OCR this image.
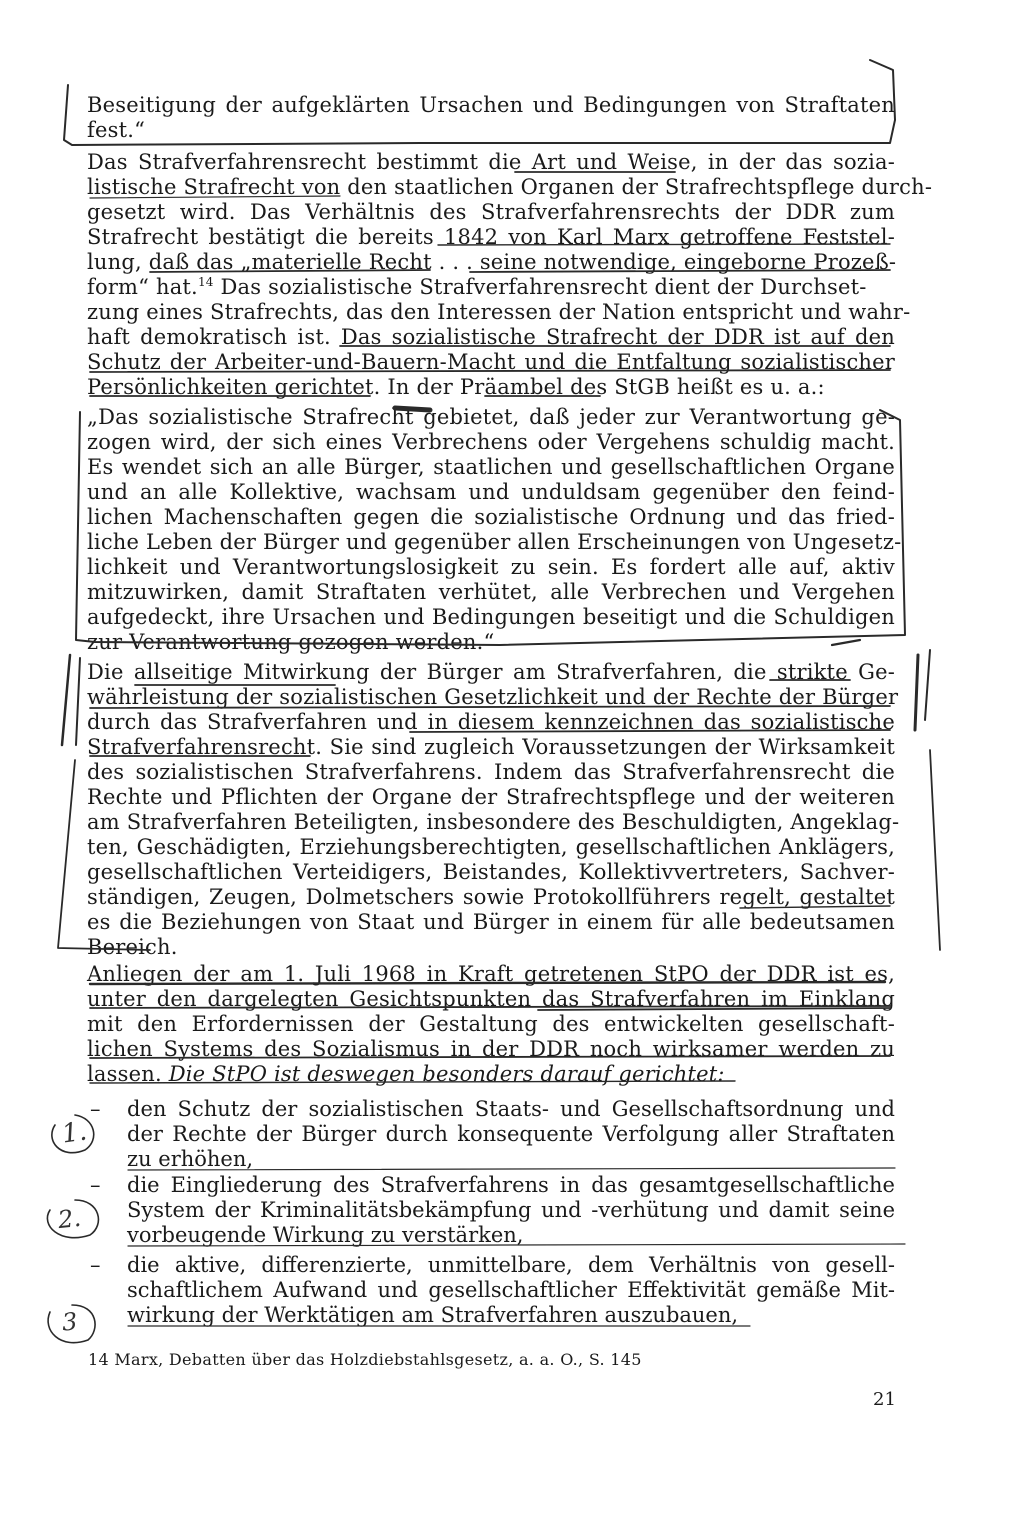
Beseitigung der aufgeklärten Ursachen und Bedingungen von Straftaten
fest.“
Das Strafverfahrensrecht bestimmt die Art und Weise, in der das sozia-
listische Strafrecht von den staatlichen Organen der Strafrechtspflege durch-
gesetzt wird. Das Verhältnis des Strafverfahrensrechts der DDR zum
Strafrecht bestätigt die bereits 1842 von Karl Marx getroffene Feststel-
lung, daß das „materielle Recht . . . seine notwendige, eingeborne Prozeß-
form“ hat.$^{14}$ Das sozialistische Strafverfahrensrecht dient der Durchset-
zung eines Strafrechts, das den Interessen der Nation entspricht und wahr-
haft demokratisch ist. Das sozialistische Strafrecht der DDR ist auf den
Schutz der Arbeiter-und-Bauern-Macht und die Entfaltung sozialistischer
Persönlichkeiten gerichtet. In der Präambel des StGB heißt es u. a.:
„Das sozialistische Strafrecht gebietet, daß jeder zur Verantwortung ge-
zogen wird, der sich eines Verbrechens oder Vergehens schuldig macht.
Es wendet sich an alle Bürger, staatlichen und gesellschaftlichen Organe
und an alle Kollektive, wachsam und unduldsam gegenüber den feind-
lichen Machenschaften gegen die sozialistische Ordnung und das fried-
liche Leben der Bürger und gegenüber allen Erscheinungen von Ungesetz-
lichkeit und Verantwortungslosigkeit zu sein. Es fordert alle auf, aktiv
mitzuwirken, damit Straftaten verhütet, alle Verbrechen und Vergehen
aufgedeckt, ihre Ursachen und Bedingungen beseitigt und die Schuldigen
zur Verantwortung gezogen werden.“
Die allseitige Mitwirkung der Bürger am Strafverfahren, die strikte Ge-
währleistung der sozialistischen Gesetzlichkeit und der Rechte der Bürger
durch das Strafverfahren und in diesem kennzeichnen das sozialistische
Strafverfahrensrecht. Sie sind zugleich Voraussetzungen der Wirksamkeit
des sozialistischen Strafverfahrens. Indem das Strafverfahrensrecht die
Rechte und Pflichten der Organe der Strafrechtspflege und der weiteren
am Strafverfahren Beteiligten, insbesondere des Beschuldigten, Angeklag-
ten, Geschädigten, Erziehungsberechtigten, gesellschaftlichen Anklägers,
gesellschaftlichen Verteidigers, Beistandes, Kollektivvertreters, Sachver-
ständigen, Zeugen, Dolmetschers sowie Protokollführers regelt, gestaltet
es die Beziehungen von Staat und Bürger in einem für alle bedeutsamen
Bereich.
Anliegen der am 1. Juli 1968 in Kraft getretenen StPO der DDR ist es,
unter den dargelegten Gesichtspunkten das Strafverfahren im Einklang
mit den Erfordernissen der Gestaltung des entwickelten gesellschaft-
lichen Systems des Sozialismus in der DDR noch wirksamer werden zu
lassen. Die StPO ist deswegen besonders darauf gerichtet:
– den Schutz der sozialistischen Staats- und Gesellschaftsordnung und
der Rechte der Bürger durch konsequente Verfolgung aller Straftaten
zu erhöhen,
– die Eingliederung des Strafverfahrens in das gesamtgesellschaftliche
System der Kriminalitätsbekämpfung und -verhütung und damit seine
vorbeugende Wirkung zu verstärken,
– die aktive, differenzierte, unmittelbare, dem Verhältnis von gesell-
schaftlichem Aufwand und gesellschaftlicher Effektivität gemäße Mit-
wirkung der Werktätigen am Strafverfahren auszubauen,
14 Marx, Debatten über das Holzdiebstahlsgesetz, a. a. O., S. 145
21
1.
2.
3
